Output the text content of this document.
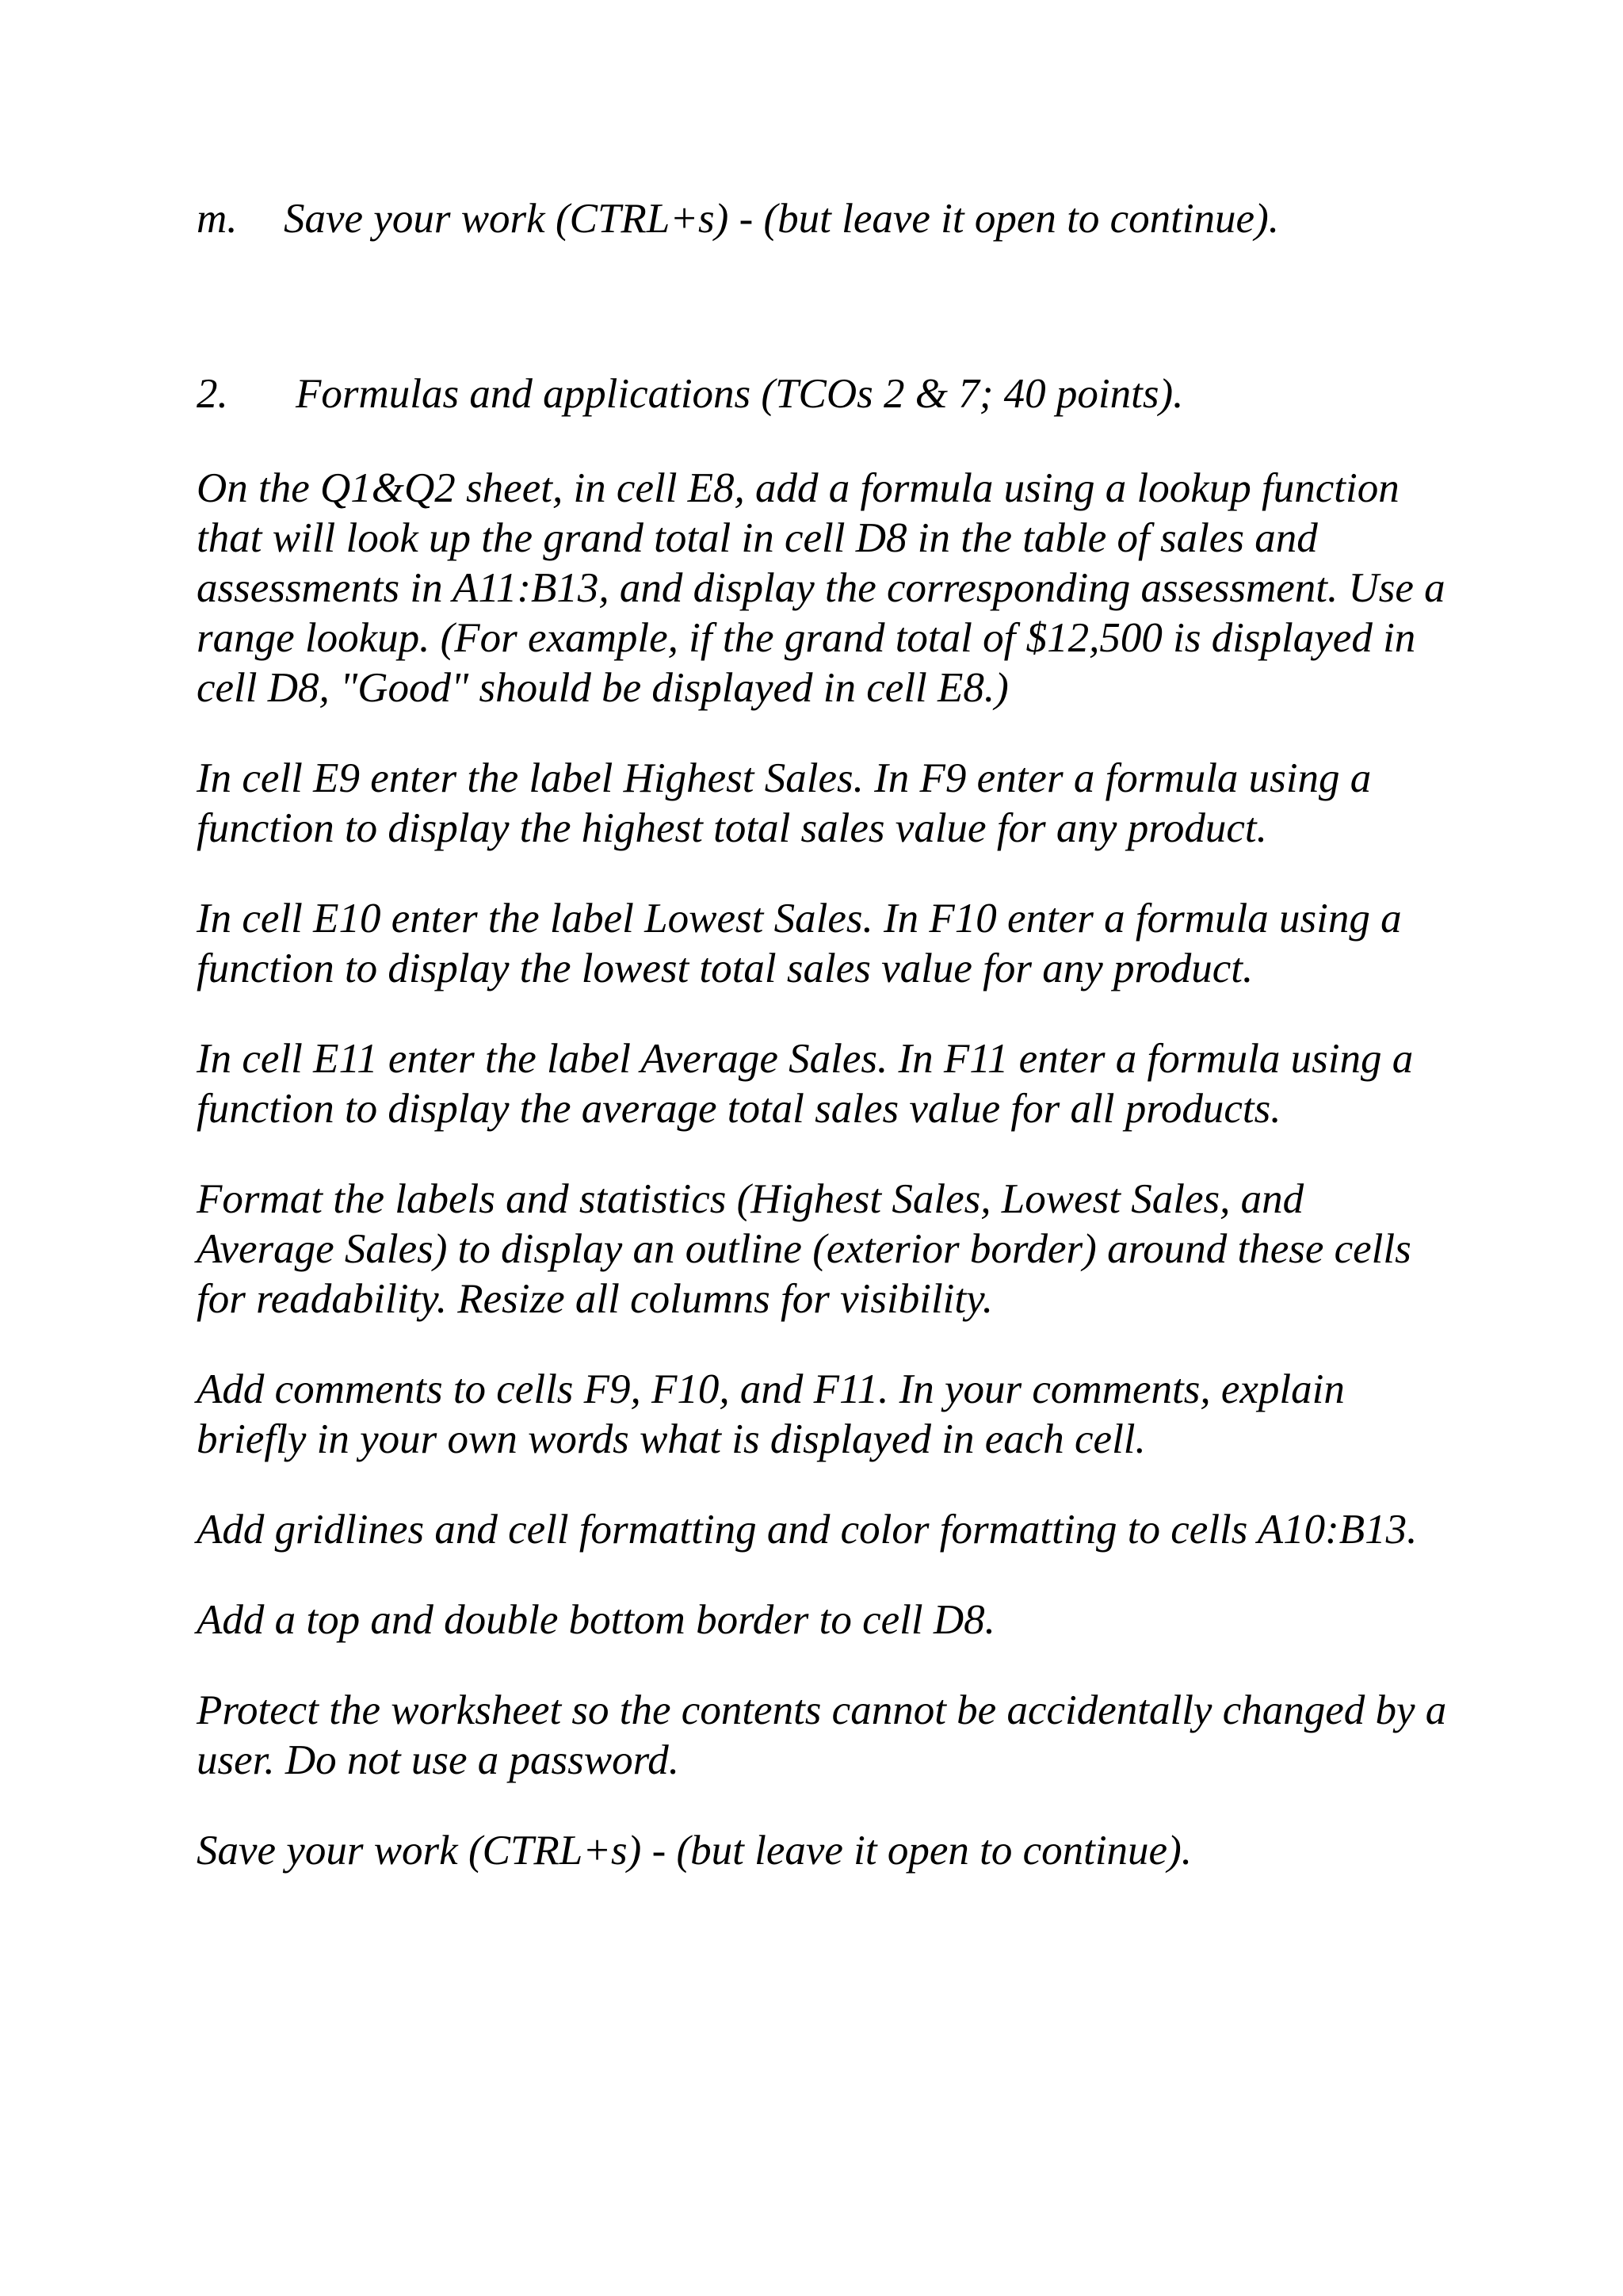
m. Save your work (CTRL+s) - (but leave it open to continue).
2. Formulas and applications (TCOs 2 & 7; 40 points).

On the Q1&Q2 sheet, in cell E8, add a formula using a lookup function that will look up the grand total in cell D8 in the table of sales and assessments in A11:B13, and display the corresponding assessment. Use a range lookup. (For example, if the grand total of $12,500 is displayed in cell D8, "Good" should be displayed in cell E8.)

In cell E9 enter the label Highest Sales. In F9 enter a formula using a function to display the highest total sales value for any product.

In cell E10 enter the label Lowest Sales. In F10 enter a formula using a function to display the lowest total sales value for any product.

In cell E11 enter the label Average Sales. In F11 enter a formula using a function to display the average total sales value for all products.

Format the labels and statistics (Highest Sales, Lowest Sales, and Average Sales) to display an outline (exterior border) around these cells for readability. Resize all columns for visibility.

Add comments to cells F9, F10, and F11. In your comments, explain briefly in your own words what is displayed in each cell.

Add gridlines and cell formatting and color formatting to cells A10:B13.

Add a top and double bottom border to cell D8.

Protect the worksheet so the contents cannot be accidentally changed by a user. Do not use a password.

Save your work (CTRL+s) - (but leave it open to continue).
